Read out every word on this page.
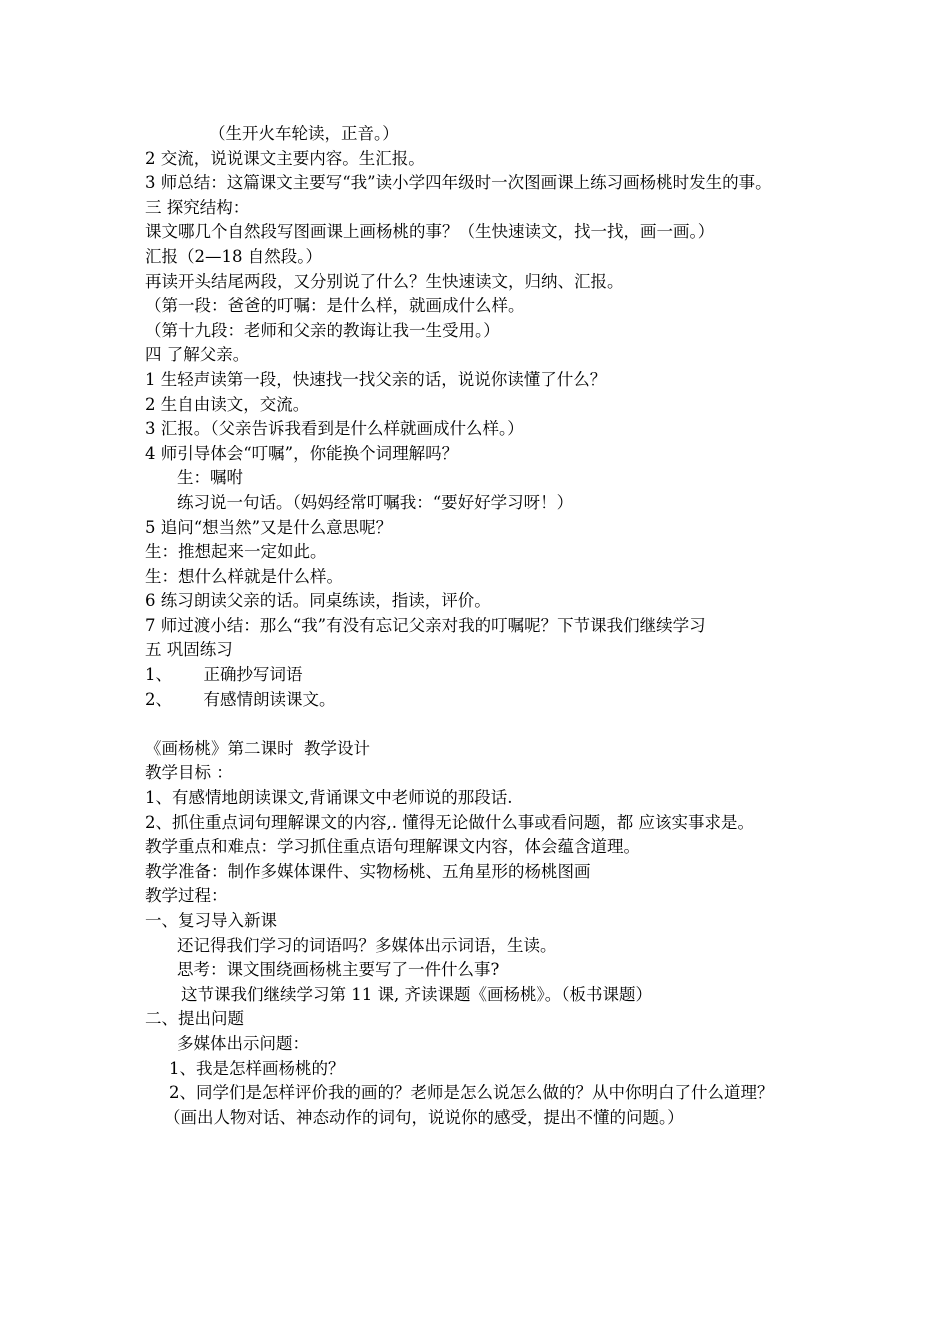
（生开火车轮读，正音。）
2 交流，说说课文主要内容。生汇报。
3 师总结：这篇课文主要写“我”读小学四年级时一次图画课上练习画杨桃时发生的事。
三 探究结构：
课文哪几个自然段写图画课上画杨桃的事？（生快速读文，找一找，画一画。）
汇报（2—18 自然段。）
再读开头结尾两段，又分别说了什么？生快速读文，归纳、汇报。
（第一段：爸爸的叮嘱：是什么样，就画成什么样。
（第十九段：老师和父亲的教诲让我一生受用。）
四 了解父亲。
1 生轻声读第一段，快速找一找父亲的话，说说你读懂了什么？
2 生自由读文，交流。
3 汇报。（父亲告诉我看到是什么样就画成什么样。）
4 师引导体会“叮嘱”，你能换个词理解吗？
生：嘱咐
练习说一句话。（妈妈经常叮嘱我：“要好好学习呀！）
5 追问“想当然”又是什么意思呢？
生：推想起来一定如此。
生：想什么样就是什么样。
6 练习朗读父亲的话。同桌练读，指读，评价。
7 师过渡小结：那么“我”有没有忘记父亲对我的叮嘱呢？下节课我们继续学习
五 巩固练习
1、      正确抄写词语
2、      有感情朗读课文。
《画杨桃》第二课时  教学设计
教学目标 ：
1、有感情地朗读课文,背诵课文中老师说的那段话.
2、抓住重点词句理解课文的内容,. 懂得无论做什么事或看问题，都 应该实事求是。
教学重点和难点：学习抓住重点语句理解课文内容，体会蕴含道理。
教学准备：制作多媒体课件、实物杨桃、五角星形的杨桃图画
教学过程：
一、复习导入新课
还记得我们学习的词语吗？多媒体出示词语，生读。
思考：课文围绕画杨桃主要写了一件什么事?
这节课我们继续学习第 11 课, 齐读课题《画杨桃》。（板书课题）
二、提出问题
多媒体出示问题：
1、我是怎样画杨桃的？
2、同学们是怎样评价我的画的？老师是怎么说怎么做的？从中你明白了什么道理？
（画出人物对话、神态动作的词句，说说你的感受，提出不懂的问题。）
